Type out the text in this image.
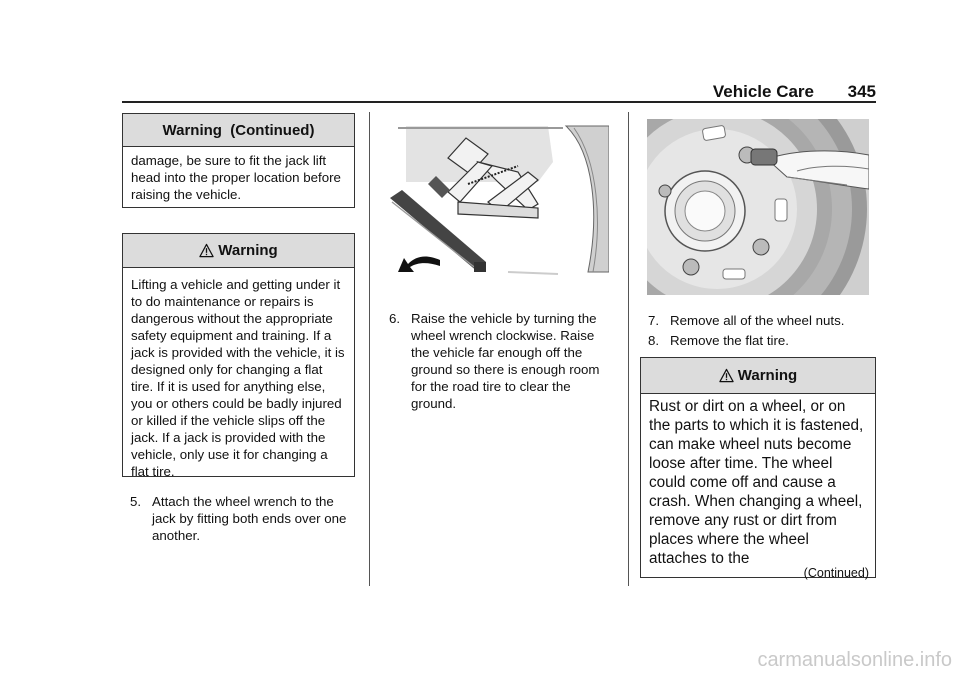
Vehicle Care 345
Warning  (Continued)
damage, be sure to fit the jack lift head into the proper location before raising the vehicle.
Warning
Lifting a vehicle and getting under it to do maintenance or repairs is dangerous without the appropriate safety equipment and training. If a jack is provided with the vehicle, it is designed only for changing a flat tire. If it is used for anything else, you or others could be badly injured or killed if the vehicle slips off the jack. If a jack is provided with the vehicle, only use it for changing a flat tire.
5. Attach the wheel wrench to the jack by fitting both ends over one another.
6. Raise the vehicle by turning the wheel wrench clockwise. Raise the vehicle far enough off the ground so there is enough room for the road tire to clear the ground.
7. Remove all of the wheel nuts.
8. Remove the flat tire.
Warning
Rust or dirt on a wheel, or on the parts to which it is fastened, can make wheel nuts become loose after time. The wheel could come off and cause a crash. When changing a wheel, remove any rust or dirt from places where the wheel attaches to the
(Continued)
carmanualsonline.info
